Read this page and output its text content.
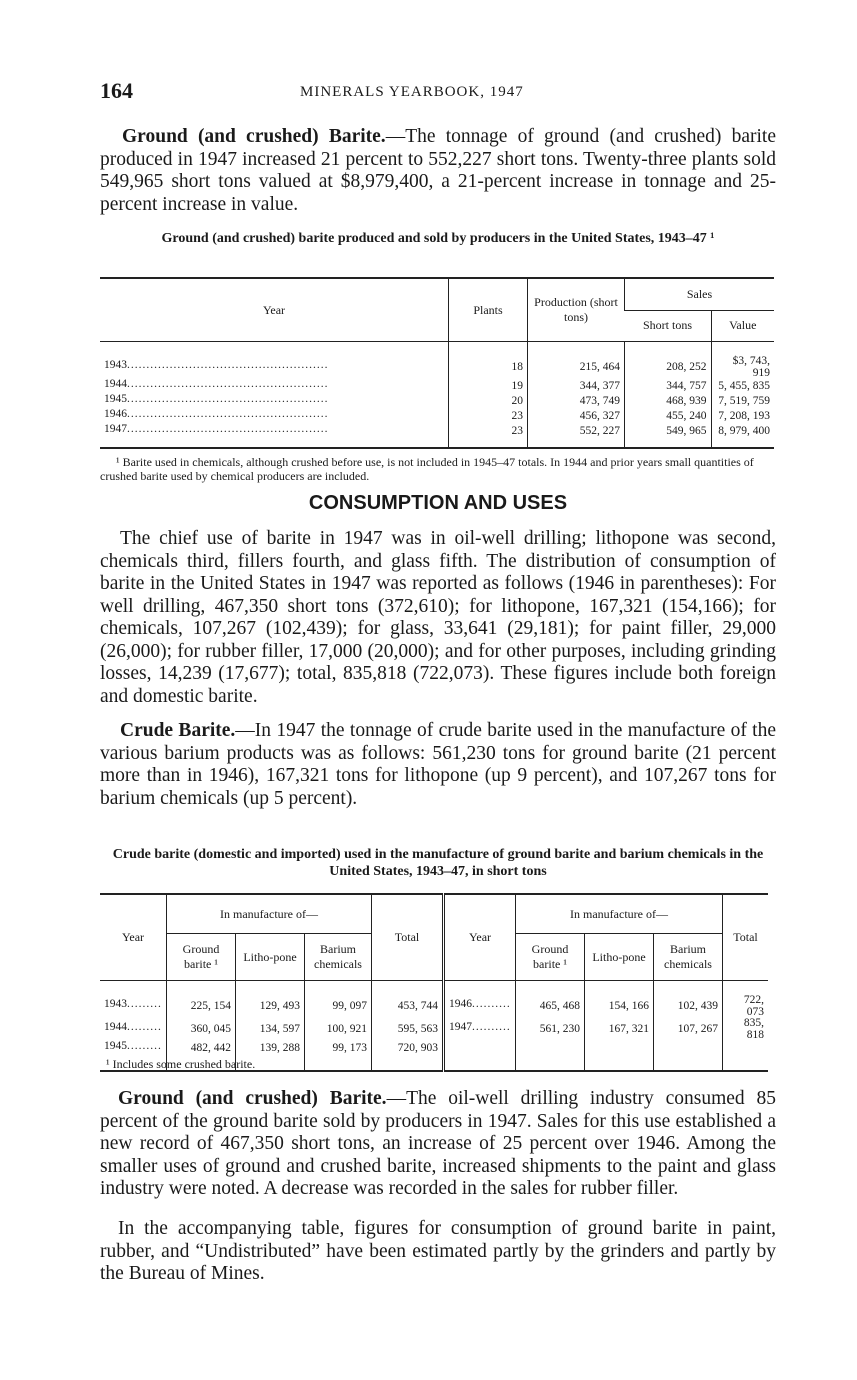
164	MINERALS YEARBOOK, 1947

Ground (and crushed) Barite.—The tonnage of ground (and crushed) barite produced in 1947 increased 21 percent to 552,227 short tons. Twenty-three plants sold 549,965 short tons valued at $8,979,400, a 21-percent increase in tonnage and 25-percent increase in value.

Ground (and crushed) barite produced and sold by producers in the United States, 1943–47 ¹

Year	Plants	Production (short tons)	Sales	
			Short tons	Value
1943 .....	18	215, 464	208, 252	$3, 743, 919
1944 .....	19	344, 377	344, 757	5, 455, 835
1945 .....	20	473, 749	468, 939	7, 519, 759
1946 .....	23	456, 327	455, 240	7, 208, 193
1947 .....	23	552, 227	549, 965	8, 979, 400

¹ Barite used in chemicals, although crushed before use, is not included in 1945–47 totals. In 1944 and prior years small quantities of crushed barite used by chemical producers are included.

CONSUMPTION AND USES

The chief use of barite in 1947 was in oil-well drilling; lithopone was second, chemicals third, fillers fourth, and glass fifth. The distribution of consumption of barite in the United States in 1947 was reported as follows (1946 in parentheses): For well drilling, 467,350 short tons (372,610); for lithopone, 167,321 (154,166); for chemicals, 107,267 (102,439); for glass, 33,641 (29,181); for paint filler, 29,000 (26,000); for rubber filler, 17,000 (20,000); and for other purposes, including grinding losses, 14,239 (17,677); total, 835,818 (722,073). These figures include both foreign and domestic barite.

Crude Barite.—In 1947 the tonnage of crude barite used in the manufacture of the various barium products was as follows: 561,230 tons for ground barite (21 percent more than in 1946), 167,321 tons for lithopone (up 9 percent), and 107,267 tons for barium chemicals (up 5 percent).

Crude barite (domestic and imported) used in the manufacture of ground barite and barium chemicals in the United States, 1943–47, in short tons

Year	In manufacture of—			Total	Year	In manufacture of—			Total
	Ground barite ¹	Litho-pone	Barium chemicals			Ground barite ¹	Litho-pone	Barium chemicals	
1943 .....	225, 154	129, 493	99, 097	453, 744	1946 .....	465, 468	154, 166	102, 439	722, 073
1944 .....	360, 045	134, 597	100, 921	595, 563	1947 .....	561, 230	167, 321	107, 267	835, 818
1945 .....	482, 442	139, 288	99, 173	720, 903					

¹ Includes some crushed barite.

Ground (and crushed) Barite.—The oil-well drilling industry consumed 85 percent of the ground barite sold by producers in 1947. Sales for this use established a new record of 467,350 short tons, an increase of 25 percent over 1946. Among the smaller uses of ground and crushed barite, increased shipments to the paint and glass industry were noted. A decrease was recorded in the sales for rubber filler.

In the accompanying table, figures for consumption of ground barite in paint, rubber, and “Undistributed” have been estimated partly by the grinders and partly by the Bureau of Mines.
